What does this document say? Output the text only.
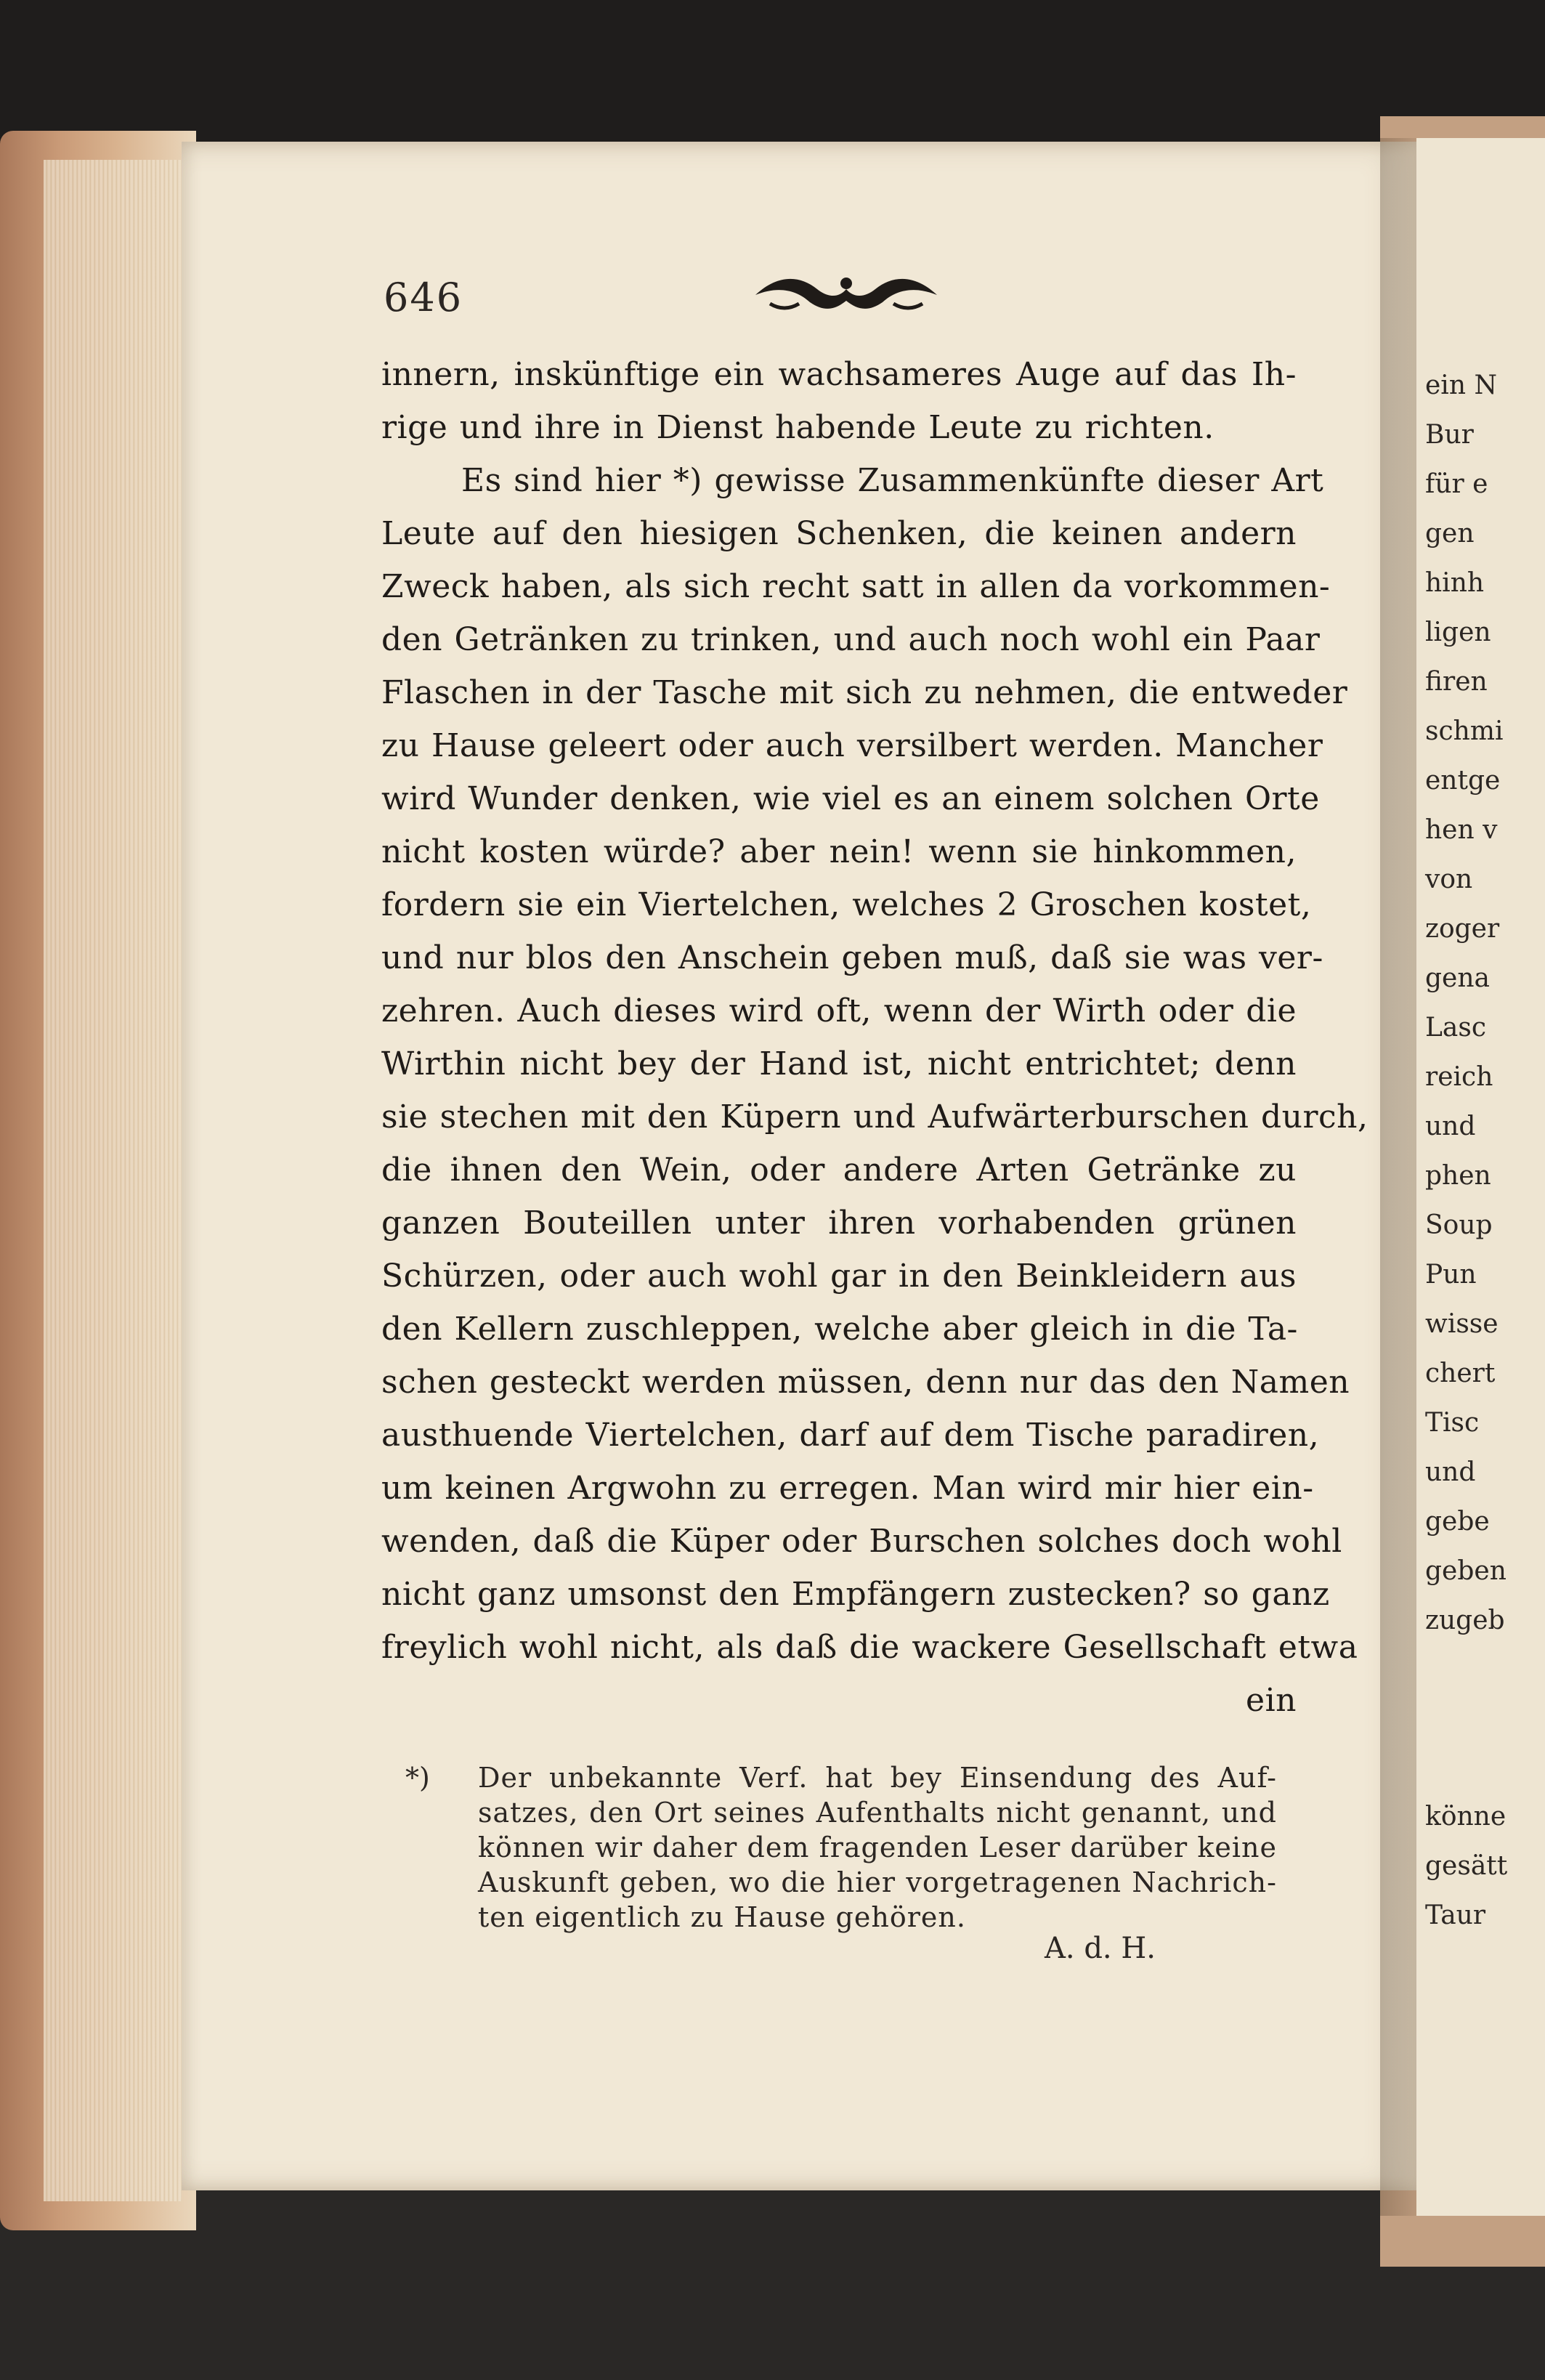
ein N
Bur
für e
gen
hinh
ligen
firen
schmi
entge
hen v
von
zoger
gena
Lasc
reich
und
phen
Soup
Pun
wisse
chert
Tisc
und
gebe
geben
zugeb
könne
gesätt
Taur
646
innern, inskünftige ein wachsameres Auge auf das Ih-
rige und ihre in Dienst habende Leute zu richten.
Es sind hier *) gewisse Zusammenkünfte dieser Art
Leute auf den hiesigen Schenken, die keinen andern
Zweck haben, als sich recht satt in allen da vorkommen-
den Getränken zu trinken, und auch noch wohl ein Paar
Flaschen in der Tasche mit sich zu nehmen, die entweder
zu Hause geleert oder auch versilbert werden. Mancher
wird Wunder denken, wie viel es an einem solchen Orte
nicht kosten würde? aber nein! wenn sie hinkommen,
fordern sie ein Viertelchen, welches 2 Groschen kostet,
und nur blos den Anschein geben muß, daß sie was ver-
zehren. Auch dieses wird oft, wenn der Wirth oder die
Wirthin nicht bey der Hand ist, nicht entrichtet; denn
sie stechen mit den Küpern und Aufwärterburschen durch,
die ihnen den Wein, oder andere Arten Getränke zu
ganzen Bouteillen unter ihren vorhabenden grünen
Schürzen, oder auch wohl gar in den Beinkleidern aus
den Kellern zuschleppen, welche aber gleich in die Ta-
schen gesteckt werden müssen, denn nur das den Namen
austhuende Viertelchen, darf auf dem Tische paradiren,
um keinen Argwohn zu erregen. Man wird mir hier ein-
wenden, daß die Küper oder Burschen solches doch wohl
nicht ganz umsonst den Empfängern zustecken? so ganz
freylich wohl nicht, als daß die wackere Gesellschaft etwa
ein
*) Der unbekannte Verf. hat bey Einsendung des Auf-
satzes, den Ort seines Aufenthalts nicht genannt, und
können wir daher dem fragenden Leser darüber keine
Auskunft geben, wo die hier vorgetragenen Nachrich-
ten eigentlich zu Hause gehören.
A. d. H.
